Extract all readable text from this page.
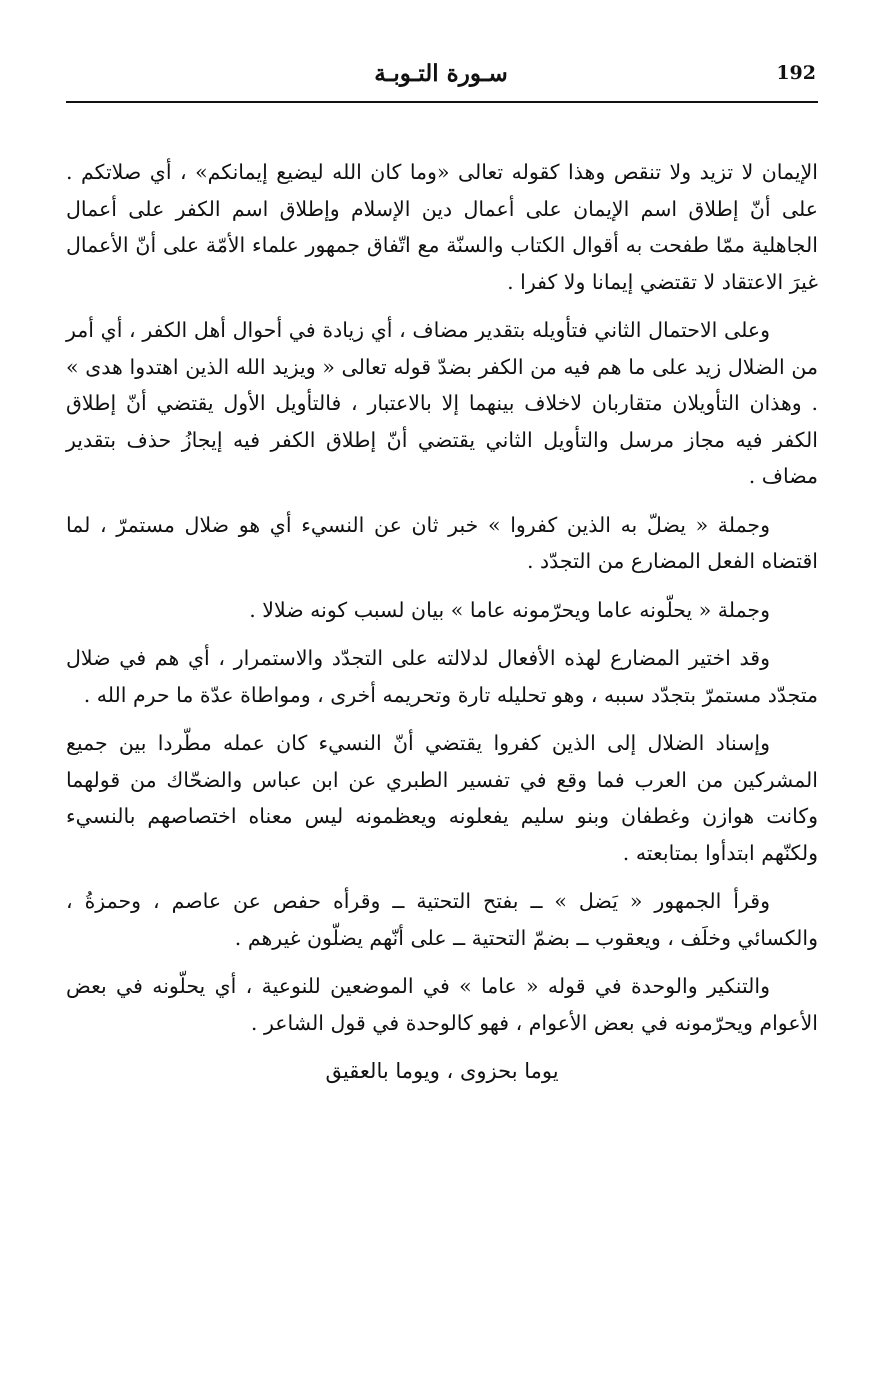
192
سـورة التـوبـة

الإيمان لا تزيد ولا تنقص وهذا كقوله تعالى «وما كان الله ليضيع إيمانكم» ، أي صلاتكم . على أنّ إطلاق اسم الإيمان على أعمال دين الإسلام وإطلاق اسم الكفر على أعمال الجاهلية ممّا طفحت به أقوال الكتاب والسنّة مع اتّفاق جمهور علماء الأمّة على أنّ الأعمال غيرَ الاعتقاد لا تقتضي إيمانا ولا كفرا .

وعلى الاحتمال الثاني فتأويله بتقدير مضاف ، أي زيادة في أحوال أهل الكفر ، أي أمر من الضلال زيد على ما هم فيه من الكفر بضدّ قوله تعالى « ويزيد الله الذين اهتدوا هدى » . وهذان التأويلان متقاربان لاخلاف بينهما إلا بالاعتبار ، فالتأويل الأول يقتضي أنّ إطلاق الكفر فيه مجاز مرسل والتأويل الثاني يقتضي أنّ إطلاق الكفر فيه إيجازُ حذف بتقدير مضاف .

وجملة « يضلّ به الذين كفروا » خبر ثان عن النسيء أي هو ضلال مستمرّ ، لما اقتضاه الفعل المضارع من التجدّد .

وجملة « يحلّونه عاما ويحرّمونه عاما » بيان لسبب كونه ضلالا .

وقد اختير المضارع لهذه الأفعال لدلالته على التجدّد والاستمرار ، أي هم في ضلال متجدّد مستمرّ بتجدّد سببه ، وهو تحليله تارة وتحريمه أخرى ، ومواطاة عدّة ما حرم الله .

وإسناد الضلال إلى الذين كفروا يقتضي أنّ النسيء كان عمله مطّردا بين جميع المشركين من العرب فما وقع في تفسير الطبري عن ابن عباس والضحّاك من قولهما وكانت هوازن وغطفان وبنو سليم يفعلونه ويعظمونه ليس معناه اختصاصهم بالنسيء ولكنّهم ابتدأوا بمتابعته .

وقرأ الجمهور « يَضل » ــ بفتح التحتية ــ وقرأه حفص عن عاصم ، وحمزةُ ، والكسائي وخلَف ، ويعقوب ــ بضمّ التحتية ــ على أنّهم يضلّون غيرهم .

والتنكير والوحدة في قوله « عاما » في الموضعين للنوعية ، أي يحلّونه في بعض الأعوام ويحرّمونه في بعض الأعوام ، فهو كالوحدة في قول الشاعر .

يوما بحزوى ، ويوما بالعقيق
